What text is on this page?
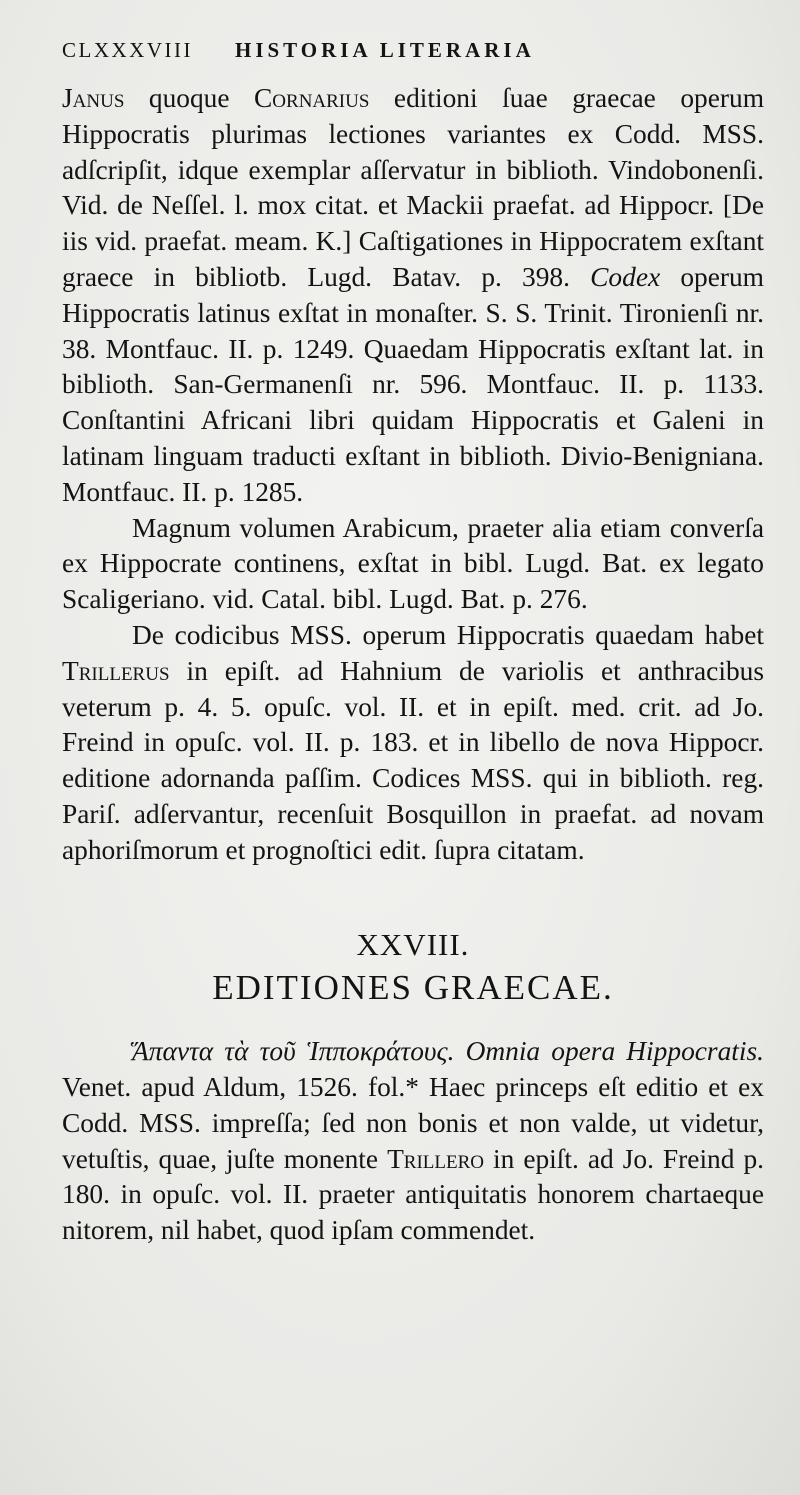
CLXXXVIII HISTORIA LITERARIA

Janus quoque Cornarius editioni ſuae graecae operum Hippocratis plurimas lectiones variantes ex Codd. MSS. adſcripſit, idque exemplar aſſervatur in biblioth. Vindobonenſi. Vid. de Neſſel. l. mox citat. et Mackii praefat. ad Hippocr. [De iis vid. praefat. meam. K.] Caſtigationes in Hippocratem exſtant graece in bibliotb. Lugd. Batav. p. 398. Codex operum Hippocratis latinus exſtat in monaſter. S. S. Trinit. Tironienſi nr. 38. Montfauc. II. p. 1249. Quaedam Hippocratis exſtant lat. in biblioth. San-Germanenſi nr. 596. Montfauc. II. p. 1133. Conſtantini Africani libri quidam Hippocratis et Galeni in latinam linguam traducti exſtant in biblioth. Divio-Benigniana. Montfauc. II. p. 1285.

Magnum volumen Arabicum, praeter alia etiam converſa ex Hippocrate continens, exſtat in bibl. Lugd. Bat. ex legato Scaligeriano. vid. Catal. bibl. Lugd. Bat. p. 276.

De codicibus MSS. operum Hippocratis quaedam habet Trillerus in epiſt. ad Hahnium de variolis et anthracibus veterum p. 4. 5. opuſc. vol. II. et in epiſt. med. crit. ad Jo. Freind in opuſc. vol. II. p. 183. et in libello de nova Hippocr. editione adornanda paſſim. Codices MSS. qui in biblioth. reg. Pariſ. adſervantur, recenſuit Bosquillon in praefat. ad novam aphoriſmorum et prognoſtici edit. ſupra citatam.

XXVIII.
EDITIONES GRAECAE.

Ἅπαντα τὰ τοῦ Ἱπποκράτους. Omnia opera Hippocratis. Venet. apud Aldum, 1526. fol.* Haec princeps eſt editio et ex Codd. MSS. impreſſa; ſed non bonis et non valde, ut videtur, vetuſtis, quae, juſte monente Trillero in epiſt. ad Jo. Freind p. 180. in opuſc. vol. II. praeter antiquitatis honorem chartaeque nitorem, nil habet, quod ipſam commendet.
